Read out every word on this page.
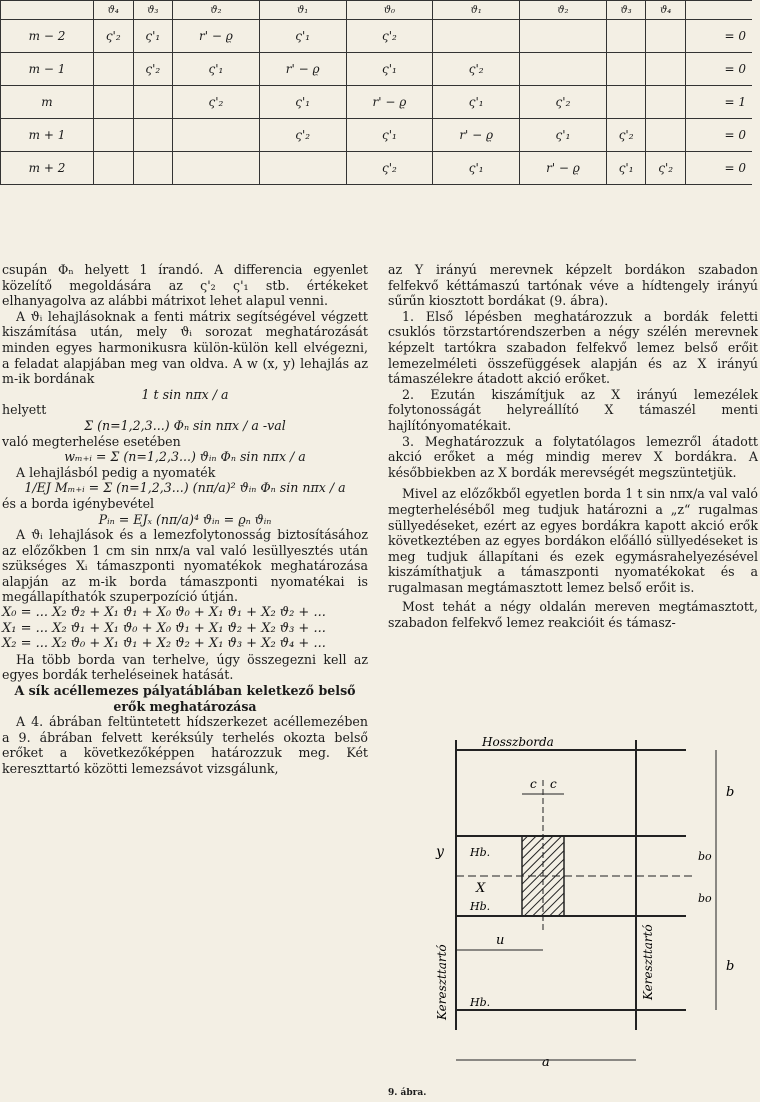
	ϑ₄	ϑ₃	ϑ₂	ϑ₁	ϑ₀	ϑ₁	ϑ₂	ϑ₃	ϑ₄	
m − 2	ς'₂	ς'₁	r' − ϱ	ς'₁	ς'₂					= 0
m − 1		ς'₂	ς'₁	r' − ϱ	ς'₁	ς'₂				= 0
m			ς'₂	ς'₁	r' − ϱ	ς'₁	ς'₂			= 1
m + 1				ς'₂	ς'₁	r' − ϱ	ς'₁	ς'₂		= 0
m + 2					ς'₂	ς'₁	r' − ϱ	ς'₁	ς'₂	= 0

csupán Φₙ helyett 1 írandó. A differencia egyenlet közelítő megoldására az ς'₂ ς'₁ stb. értékeket elhanyagolva az alábbi mátrixot lehet alapul venni.

A ϑᵢ lehajlásoknak a fenti mátrix segítségével végzett kiszámítása után, mely ϑᵢ sorozat meghatározását minden egyes harmonikusra külön-külön kell elvégezni, a feladat alapjában meg van oldva. A w (x, y) lehajlás az m-ik bordának

1 t sin nπx / a

helyett

Σ (n=1,2,3...) Φₙ sin nπx / a -val

való megterhelése esetében

wₘ₊ᵢ = Σ (n=1,2,3...) ϑᵢₙ Φₙ sin nπx / a

A lehajlásból pedig a nyomaték

1/EJ Mₘ₊ᵢ = Σ (n=1,2,3...) (nπ/a)² ϑᵢₙ Φₙ sin nπx / a

és a borda igénybevétel

Pᵢₙ = EJₓ (nπ/a)⁴ ϑᵢₙ = ϱₙ ϑᵢₙ

A ϑᵢ lehajlások és a lemezfolytonosság biztosításához az előzőkben 1 cm sin nπx/a val való lesüllyesztés után szükséges Xᵢ támaszponti nyomatékok meghatározása alapján az m-ik borda támaszponti nyomatékai is megállapíthatók szuperpozíció útján.

X₀ = ... X₂ ϑ₂ + X₁ ϑ₁ + X₀ ϑ₀ + X₁ ϑ₁ + X₂ ϑ₂ + ...

X₁ = ... X₂ ϑ₁ + X₁ ϑ₀ + X₀ ϑ₁ + X₁ ϑ₂ + X₂ ϑ₃ + ...

X₂ = ... X₂ ϑ₀ + X₁ ϑ₁ + X₂ ϑ₂ + X₁ ϑ₃ + X₂ ϑ₄ + ...

Ha több borda van terhelve, úgy összegezni kell az egyes bordák terheléseinek hatását.

A sík acéllemezes pályatáblában keletkező belső erők meghatározása

A 4. ábrában feltüntetett hídszerkezet acéllemezében a 9. ábrában felvett keréksúly terhelés okozta belső erőket a következőképpen határozzuk meg. Két kereszttartó közötti lemezsávot vizsgálunk,

az Y irányú merevnek képzelt bordákon szabadon felfekvő kéttámaszú tartónak véve a hídtengely irányú sűrűn kiosztott bordákat (9. ábra).

1. Első lépésben meghatározzuk a bordák feletti csuklós törzstartórendszerben a négy szélén merevnek képzelt tartókra szabadon felfekvő lemez belső erőit lemezelméleti összefüggések alapján és az X irányú támaszélekre átadott akció erőket.

2. Ezután kiszámítjuk az X irányú lemezélek folytonosságát helyreállító X támaszél menti hajlítónyomatékait.

3. Meghatározzuk a folytatólagos lemezről átadott akció erőket a még mindig merev X bordákra. A későbbiekben az X bordák merevségét megszüntetjük.

Mivel az előzőkből egyetlen borda 1 t sin nπx/a val való megterheléséből meg tudjuk határozni a „z“ rugalmas süllyedéseket, ezért az egyes bordákra kapott akció erők következtében az egyes bordákon előálló süllyedéseket is meg tudjuk állapítani és ezek egymásrahelyezésével kiszámíthatjuk a támaszponti nyomatékokat és a rugalmasan megtámasztott lemez belső erőit is.

Most tehát a négy oldalán mereven megtámasztott, szabadon felfekvő lemez reakcióit és támasz-

Hosszborda
Hb.
Hb.
Hb.
c c
b
bo
bo
b
y
X
u
a
Kereszttartó	Kereszttartó
9. ábra.
